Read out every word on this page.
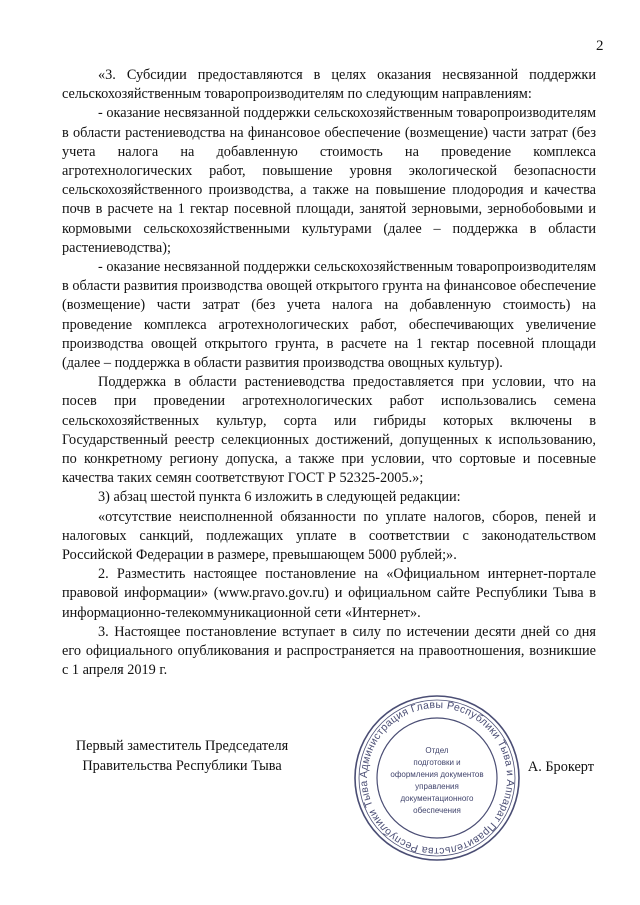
2

«3. Субсидии предоставляются в целях оказания несвязанной поддержки сельскохозяйственным товаропроизводителям по следующим направлениям:

- оказание несвязанной поддержки сельскохозяйственным товаропроизводителям в области растениеводства на финансовое обеспечение (возмещение) части затрат (без учета налога на добавленную стоимость на проведение комплекса агротехнологических работ, повышение уровня экологической безопасности сельскохозяйственного производства, а также на повышение плодородия и качества почв в расчете на 1 гектар посевной площади, занятой зерновыми, зернобобовыми и кормовыми сельскохозяйственными культурами (далее – поддержка в области растениеводства);

- оказание несвязанной поддержки сельскохозяйственным товаропроизводителям в области развития производства овощей открытого грунта на финансовое обеспечение (возмещение) части затрат (без учета налога на добавленную стоимость) на проведение комплекса агротехнологических работ, обеспечивающих увеличение производства овощей открытого грунта, в расчете на 1 гектар посевной площади (далее – поддержка в области развития производства овощных культур).

Поддержка в области растениеводства предоставляется при условии, что на посев при проведении агротехнологических работ использовались семена сельскохозяйственных культур, сорта или гибриды которых включены в Государственный реестр селекционных достижений, допущенных к использованию, по конкретному региону допуска, а также при условии, что сортовые и посевные качества таких семян соответствуют ГОСТ Р 52325-2005.»;

3) абзац шестой пункта 6 изложить в следующей редакции:

«отсутствие неисполненной обязанности по уплате налогов, сборов, пеней и налоговых санкций, подлежащих уплате в соответствии с законодательством Российской Федерации в размере, превышающем 5000 рублей;».

2. Разместить настоящее постановление на «Официальном интернет-портале правовой информации» (www.pravo.gov.ru) и официальном сайте Республики Тыва в информационно-телекоммуникационной сети «Интернет».

3. Настоящее постановление вступает в силу по истечении десяти дней со дня его официального опубликования и распространяется на правоотношения, возникшие с 1 апреля 2019 г.

Первый заместитель Председателя
Правительства Республики Тыва
Администрация Главы Республики Тыва и Аппарат Правительства Республики Тыва
Отдел
подготовки и
оформления документов
управления
документационного
обеспечения
А. Брокерт
